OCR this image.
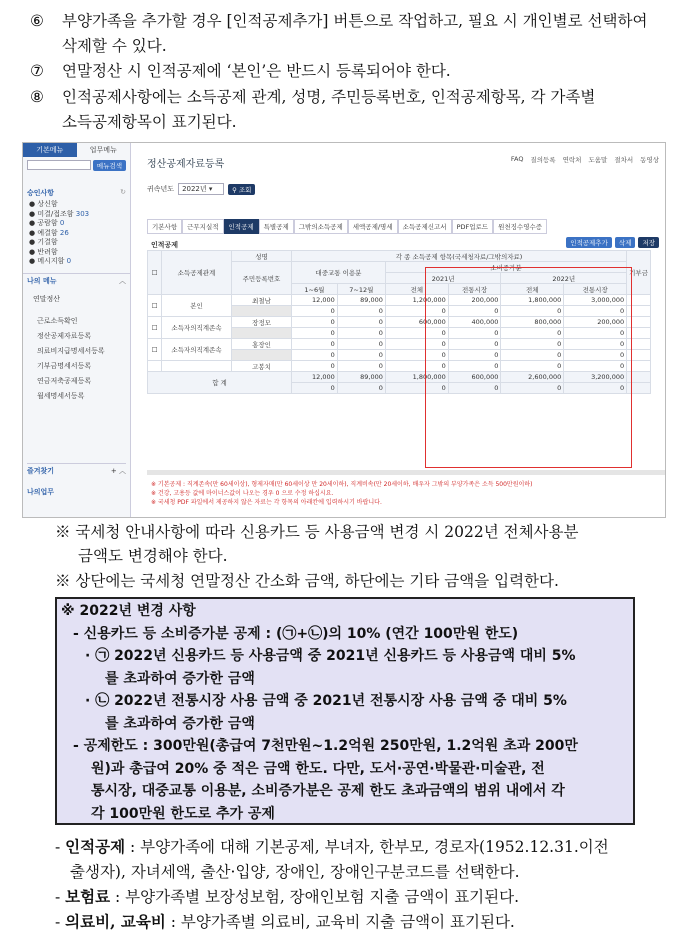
⑥ 부양가족을 추가할 경우 [인적공제추가] 버튼으로 작업하고, 필요 시 개인별로 선택하여
삭제할 수 있다.
⑦ 연말정산 시 인적공제에 ‘본인’은 반드시 등록되어야 한다.
⑧ 인적공제사항에는 소득공제 관계, 성명, 주민등록번호, 인적공제항목, 각 가족별
소득공제항목이 표기된다.
기본메뉴	업무메뉴
메뉴검색
승인사항	↻
● 상신함
● 미결/접조함 303
● 공람함 0
● 예결함 26
● 기결함
● 반려함
● 메시지함 0
나의 메뉴	︿
연말정산
근로소득확인
정산공제자료등록
의료비지급명세서등록
기부금명세서등록
연금저축공제등록
월세명세서등록
즐겨찾기	+ ︿
나의업무
정산공제자료등록	FAQ 질의등록 연락처 도움말 절차서 동영상
귀속년도	2022년 ▾	⚲ 조회
기본사항	근무지실적	인적공제	특별공제	그밖의소득공제	세액공제/명세	소득공제신고서	PDF업로드	원천징수영수증
인적공제	인적공제추가	삭제	저장
☐	소득공제관계	성명	각 종 소득공제 항목(국세청자료/그밖의자료)						기부금
		주민등록번호	대중교통 이용분		소비증가분				
					2021년		2022년		
			1~6월	7~12월	전체	전통시장	전체	전통시장	
☐	본인	최철남	12,000	89,000	1,200,000	200,000	1,800,000	3,000,000	
			0	0	0	0	0	0	
☐	소득자의직계존속	장정모	0	0	600,000	400,000	800,000	200,000	
			0	0	0	0	0	0	
☐	소득자의직계존속	홍장인	0	0	0	0	0	0	
			0	0	0	0	0	0	
		고봉치	0	0	0	0	0	0	
합 계			12,000	89,000	1,800,000	600,000	2,600,000	3,200,000	
			0	0	0	0	0	0	
※ 기본공제 : 직계존속(만 60세이상), 형제자매(만 60세이상 만 20세이하), 직계비속(만 20세이하, 배우자 그밖의 부양가족은 소득 500만원이하)
※ 건강, 고용등 값에 마이너스값이 나오는 경우 0 으로 수정 하십시요.
※ 국세청 PDF 파일에서 제공하지 않은 자료는 각 항목의 아래칸에 입력하시기 바랍니다.
※ 국세청 안내사항에 따라 신용카드 등 사용금액 변경 시 2022년 전체사용분
금액도 변경해야 한다.
※ 상단에는 국세청 연말정산 간소화 금액, 하단에는 기타 금액을 입력한다.
※ 2022년 변경 사항
- 신용카드 등 소비증가분 공제 : (㉠+㉡)의 10% (연간 100만원 한도)
· ㉠ 2022년 신용카드 등 사용금액 중 2021년 신용카드 등 사용금액 대비 5%
를 초과하여 증가한 금액
· ㉡ 2022년 전통시장 사용 금액 중 2021년 전통시장 사용 금액 중 대비 5%
를 초과하여 증가한 금액
- 공제한도 : 300만원(총급여 7천만원~1.2억원 250만원, 1.2억원 초과 200만
원)과 총급여 20% 중 적은 금액 한도. 다만, 도서·공연·박물관·미술관, 전
통시장, 대중교통 이용분, 소비증가분은 공제 한도 초과금액의 범위 내에서 각
각 100만원 한도로 추가 공제
- 인적공제 : 부양가족에 대해 기본공제, 부녀자, 한부모, 경로자(1952.12.31.이전
출생자), 자녀세액, 출산·입양, 장애인, 장애인구분코드를 선택한다.
- 보험료 : 부양가족별 보장성보험, 장애인보험 지출 금액이 표기된다.
- 의료비, 교육비 : 부양가족별 의료비, 교육비 지출 금액이 표기된다.
